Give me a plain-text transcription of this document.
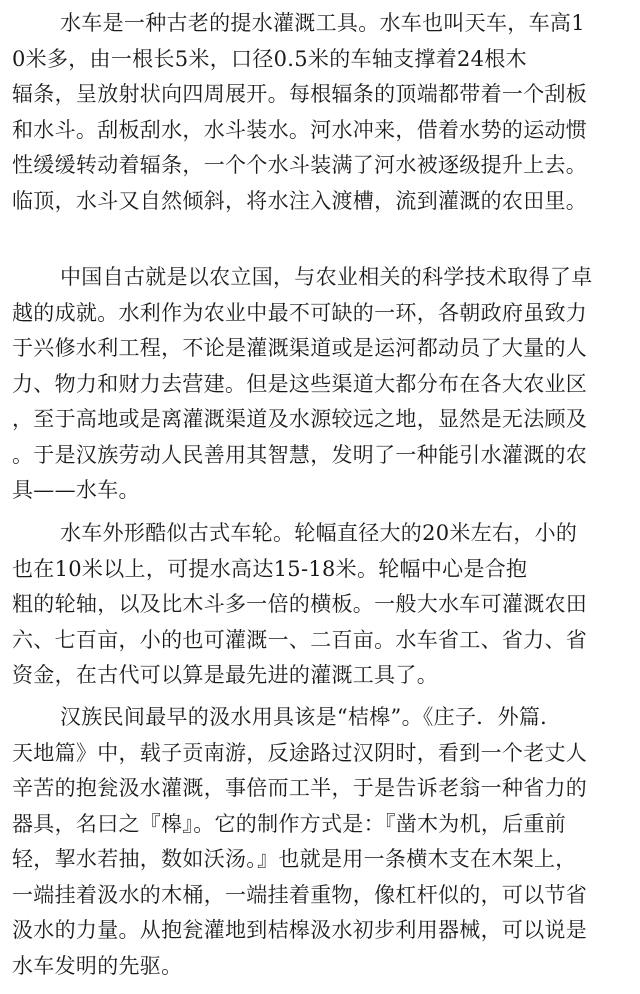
水车是一种古老的提水灌溉工具。水车也叫天车，车高1
0米多，由一根长5米，口径0.5米的车轴支撑着24根木
辐条，呈放射状向四周展开。每根辐条的顶端都带着一个刮板
和水斗。刮板刮水，水斗装水。河水冲来，借着水势的运动惯
性缓缓转动着辐条，一个个水斗装满了河水被逐级提升上去。
临顶，水斗又自然倾斜，将水注入渡槽，流到灌溉的农田里。
中国自古就是以农立国，与农业相关的科学技术取得了卓
越的成就。水利作为农业中最不可缺的一环，各朝政府虽致力
于兴修水利工程，不论是灌溉渠道或是运河都动员了大量的人
力、物力和财力去营建。但是这些渠道大都分布在各大农业区
，至于高地或是离灌溉渠道及水源较远之地，显然是无法顾及
。于是汉族劳动人民善用其智慧，发明了一种能引水灌溉的农
具——水车。
水车外形酷似古式车轮。轮幅直径大的20米左右，小的
也在10米以上，可提水高达15-18米。轮幅中心是合抱
粗的轮轴，以及比木斗多一倍的横板。一般大水车可灌溉农田
六、七百亩，小的也可灌溉一、二百亩。水车省工、省力、省
资金，在古代可以算是最先进的灌溉工具了。
汉族民间最早的汲水用具该是“桔槔”。《庄子．外篇．
天地篇》中，载子贡南游，反途路过汉阴时，看到一个老丈人
辛苦的抱瓮汲水灌溉，事倍而工半，于是告诉老翁一种省力的
器具，名曰之『槔』。它的制作方式是：『凿木为机，后重前
轻，挈水若抽，数如沃汤。』也就是用一条横木支在木架上，
一端挂着汲水的木桶，一端挂着重物，像杠杆似的，可以节省
汲水的力量。从抱瓮灌地到桔槔汲水初步利用器械，可以说是
水车发明的先驱。
